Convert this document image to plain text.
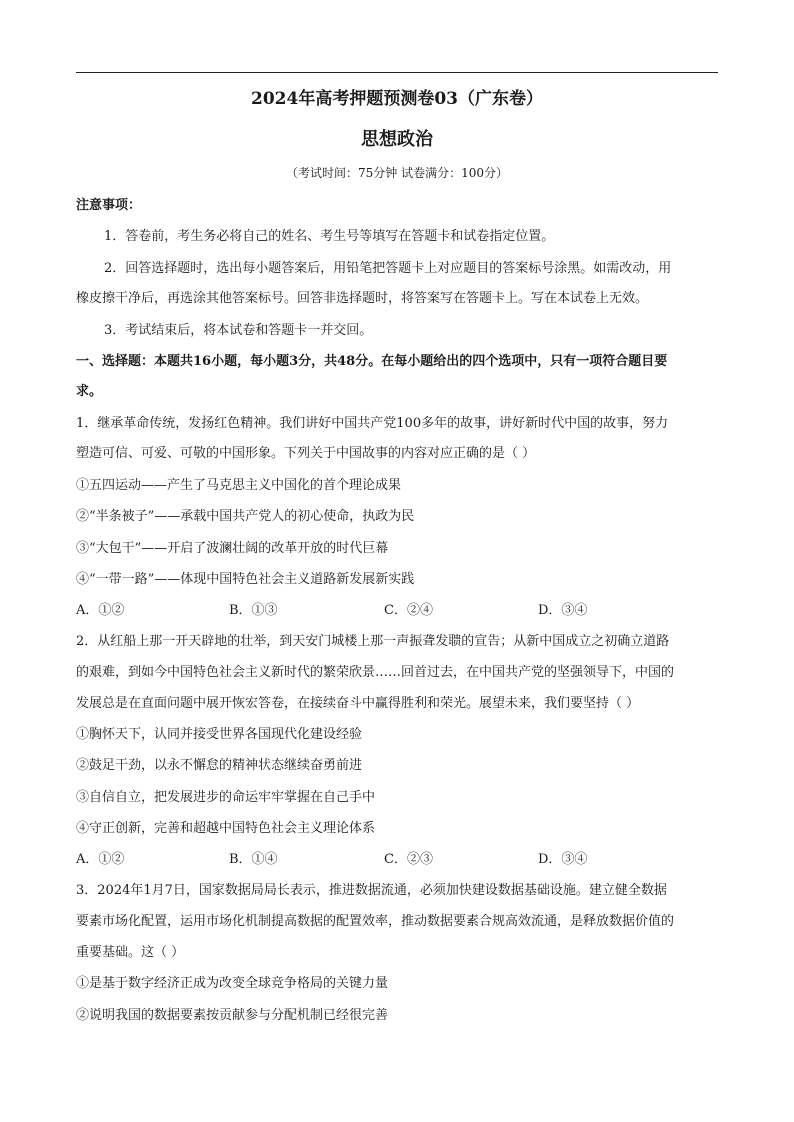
2024年高考押题预测卷03（广东卷）
思想政治
（考试时间：75分钟 试卷满分：100分）
注意事项：
1．答卷前，考生务必将自己的姓名、考生号等填写在答题卡和试卷指定位置。
2．回答选择题时，选出每小题答案后，用铅笔把答题卡上对应题目的答案标号涂黑。如需改动，用
橡皮擦干净后，再选涂其他答案标号。回答非选择题时，将答案写在答题卡上。写在本试卷上无效。
3．考试结束后，将本试卷和答题卡一并交回。
一、选择题：本题共16小题，每小题3分，共48分。在每小题给出的四个选项中，只有一项符合题目要
求。
1．继承革命传统，发扬红色精神。我们讲好中国共产党100多年的故事，讲好新时代中国的故事，努力
塑造可信、可爱、可敬的中国形象。下列关于中国故事的内容对应正确的是（ ）
①五四运动——产生了马克思主义中国化的首个理论成果
②“半条被子”——承载中国共产党人的初心使命，执政为民
③“大包干”——开启了波澜壮阔的改革开放的时代巨幕
④“一带一路”——体现中国特色社会主义道路新发展新实践
A．①②	B．①③	C．②④	D．③④
2．从红船上那一开天辟地的壮举，到天安门城楼上那一声振聋发聩的宣告；从新中国成立之初确立道路
的艰难，到如今中国特色社会主义新时代的繁荣欣景……回首过去，在中国共产党的坚强领导下，中国的
发展总是在直面问题中展开恢宏答卷，在接续奋斗中赢得胜利和荣光。展望未来，我们要坚持（ ）
①胸怀天下，认同并接受世界各国现代化建设经验
②鼓足干劲，以永不懈怠的精神状态继续奋勇前进
③自信自立，把发展进步的命运牢牢掌握在自己手中
④守正创新，完善和超越中国特色社会主义理论体系
A．①②	B．①④	C．②③	D．③④
3．2024年1月7日，国家数据局局长表示，推进数据流通，必须加快建设数据基础设施。建立健全数据
要素市场化配置，运用市场化机制提高数据的配置效率，推动数据要素合规高效流通，是释放数据价值的
重要基础。这（ ）
①是基于数字经济正成为改变全球竞争格局的关键力量
②说明我国的数据要素按贡献参与分配机制已经很完善
